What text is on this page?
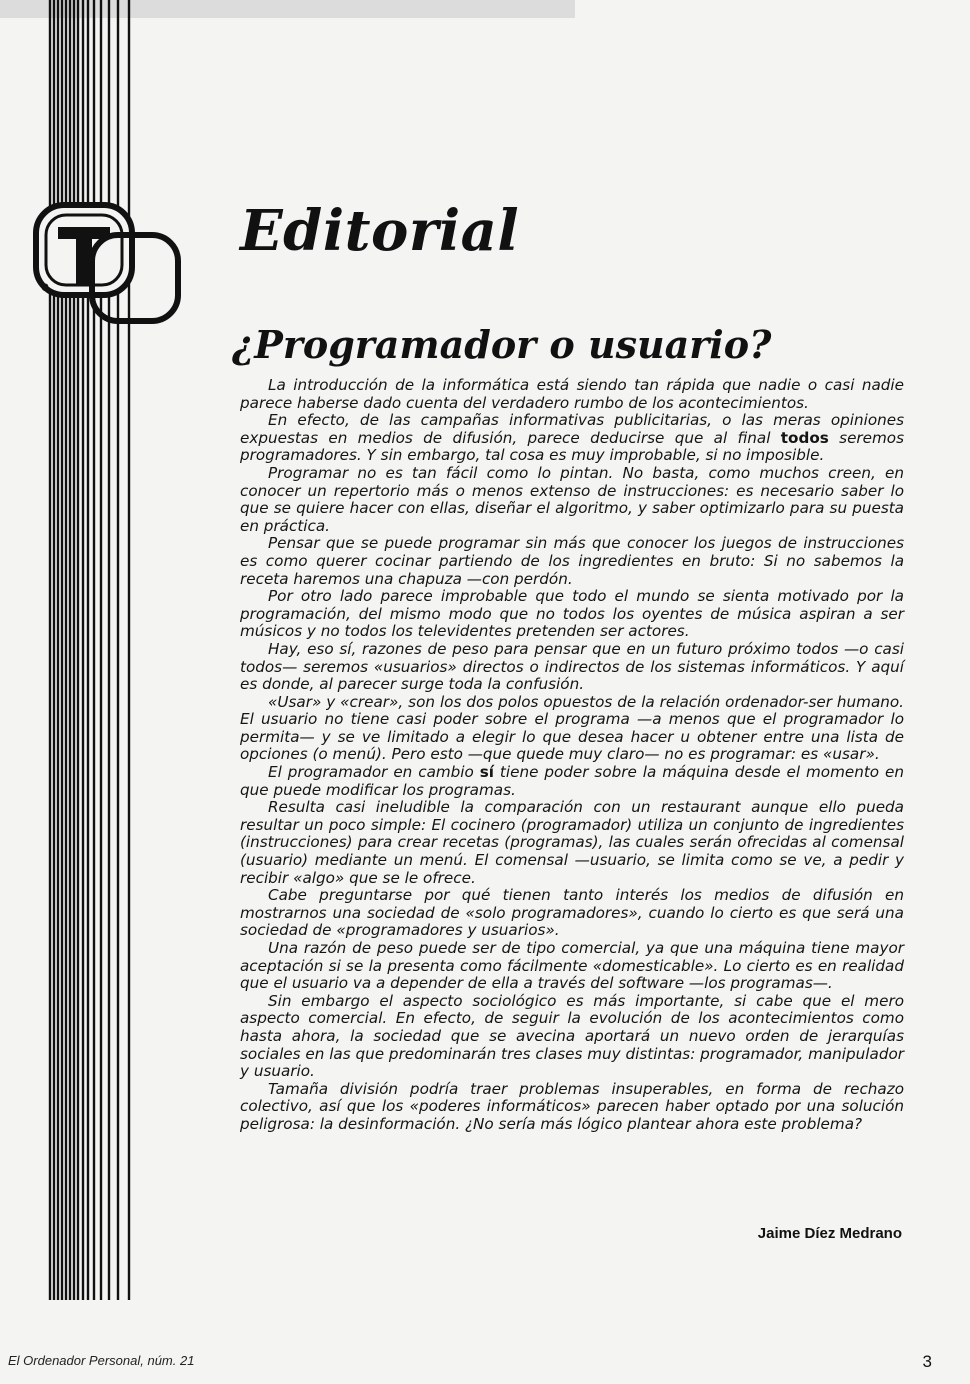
e
Editorial
¿Programador o usuario?

La introducción de la informática está siendo tan rápida que nadie o casi nadie parece haberse dado cuenta del verdadero rumbo de los acontecimientos.

En efecto, de las campañas informativas publicitarias, o las meras opiniones expuestas en medios de difusión, parece deducirse que al final todos seremos programadores. Y sin embargo, tal cosa es muy improbable, si no imposible.

Programar no es tan fácil como lo pintan. No basta, como muchos creen, en conocer un repertorio más o menos extenso de instrucciones: es necesario saber lo que se quiere hacer con ellas, diseñar el algoritmo, y saber optimizarlo para su puesta en práctica.

Pensar que se puede programar sin más que conocer los juegos de instrucciones es como querer cocinar partiendo de los ingredientes en bruto: Si no sabemos la receta haremos una chapuza —con perdón.

Por otro lado parece improbable que todo el mundo se sienta motivado por la programación, del mismo modo que no todos los oyentes de música aspiran a ser músicos y no todos los televidentes pretenden ser actores.

Hay, eso sí, razones de peso para pensar que en un futuro próximo todos —o casi todos— seremos «usuarios» directos o indirectos de los sistemas informáticos. Y aquí es donde, al parecer surge toda la confusión.

«Usar» y «crear», son los dos polos opuestos de la relación ordenador-ser humano. El usuario no tiene casi poder sobre el programa —a menos que el programador lo permita— y se ve limitado a elegir lo que desea hacer u obtener entre una lista de opciones (o menú). Pero esto —que quede muy claro— no es programar: es «usar».

El programador en cambio sí tiene poder sobre la máquina desde el momento en que puede modificar los programas.

Resulta casi ineludible la comparación con un restaurant aunque ello pueda resultar un poco simple: El cocinero (programador) utiliza un conjunto de ingredientes (instrucciones) para crear recetas (programas), las cuales serán ofrecidas al comensal (usuario) mediante un menú. El comensal —usuario, se limita como se ve, a pedir y recibir «algo» que se le ofrece.

Cabe preguntarse por qué tienen tanto interés los medios de difusión en mostrarnos una sociedad de «solo programadores», cuando lo cierto es que será una sociedad de «programadores y usuarios».

Una razón de peso puede ser de tipo comercial, ya que una máquina tiene mayor aceptación si se la presenta como fácilmente «domesticable». Lo cierto es en realidad que el usuario va a depender de ella a través del software —los programas—.

Sin embargo el aspecto sociológico es más importante, si cabe que el mero aspecto comercial. En efecto, de seguir la evolución de los acontecimientos como hasta ahora, la sociedad que se avecina aportará un nuevo orden de jerarquías sociales en las que predominarán tres clases muy distintas: programador, manipulador y usuario.

Tamaña división podría traer problemas insuperables, en forma de rechazo colectivo, así que los «poderes informáticos» parecen haber optado por una solución peligrosa: la desinformación. ¿No sería más lógico plantear ahora este problema?

Jaime Díez Medrano

El Ordenador Personal, núm. 21	3
